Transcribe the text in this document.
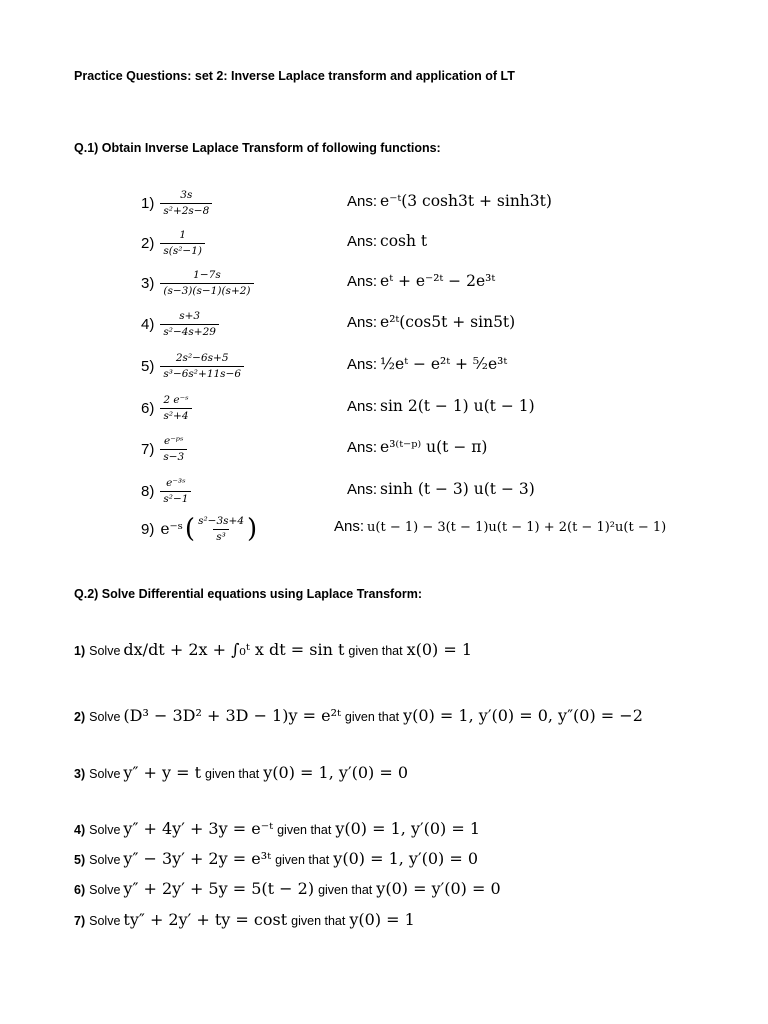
Practice Questions: set 2: Inverse Laplace transform and application of LT
Q.1) Obtain Inverse Laplace Transform of following functions:
$1) \frac{3s}{\text{s²+2s−8}}$	Ans: e⁻ᵗ(3 cosh3t + sinh3t)
$2) \frac{1}{\text{s(s²−1)}}$	Ans: cosh t
$3) \frac{1-7s}{(s-3)(s-1)(s+2)}$	Ans: eᵗ + e⁻²ᵗ − 2e³ᵗ
$4) \frac{s+3}{\text{s²−4s+29}}$	Ans: e²ᵗ(cos5t + sin5t)
$5) \frac{\text{2s²−6s+5}}{\text{s³−6s²+11s−6}}$	Ans: ½eᵗ − e²ᵗ + ⁵⁄₂e³ᵗ
$6) \frac{\text{2 e⁻ˢ}}{\text{s²+4}}$	Ans: sin 2(t − 1) u(t − 1)
$7) \frac{\text{e⁻ᵖˢ}}{s-3}$	Ans: e³⁽ᵗ⁻ᵖ⁾ u(t − π)
$8) \frac{\text{e⁻³ˢ}}{\text{s²−1}}$	Ans: sinh (t − 3) u(t − 3)
9) e⁻ˢ ( $\frac{\text{s²−3s+4}}{\text{s³}}$ )	Ans: u(t − 1) − 3(t − 1)u(t − 1) + 2(t − 1)²u(t − 1)
Q.2) Solve Differential equations using Laplace Transform:
1) Solve dx/dt + 2x + ∫₀ᵗ x dt = sin t given that x(0) = 1
2) Solve (D³ − 3D² + 3D − 1)y = e²ᵗ given that y(0) = 1, y′(0) = 0, y″(0) = −2
3) Solve y″ + y = t given that y(0) = 1, y′(0) = 0
4) Solve y″ + 4y′ + 3y = e⁻ᵗ given that y(0) = 1, y′(0) = 1
5) Solve y″ − 3y′ + 2y = e³ᵗ given that y(0) = 1, y′(0) = 0
6) Solve y″ + 2y′ + 5y = 5(t − 2) given that y(0) = y′(0) = 0
7) Solve ty″ + 2y′ + ty = cost given that y(0) = 1
